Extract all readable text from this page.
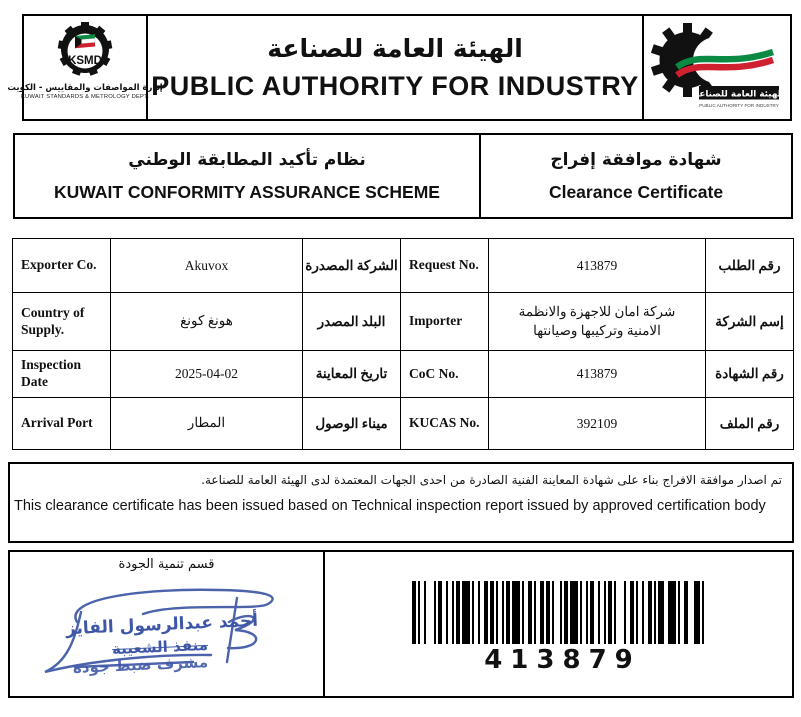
KSMD
إدارة المواصفات والمقاييس - الكويت
KUWAIT STANDARDS & METROLOGY DEPT.
الهيئة العامة للصناعة
PUBLIC AUTHORITY FOR INDUSTRY	الهيئة العامة للصناعة
PUBLIC AUTHORITY FOR INDUSTRY
نظام تأكيد المطابقة الوطني
KUWAIT CONFORMITY ASSURANCE SCHEME
شهادة موافقة إفراج
Clearance Certificate
Exporter Co.	Akuvox	الشركة المصدرة	Request No.	413879	رقم الطلب
Country of Supply.	هونغ كونغ	البلد المصدر	Importer	شركة امان للاجهزة والانظمة الامنية وتركيبها وصيانتها	إسم الشركة
Inspection Date	2025-04-02	تاريخ المعاينة	CoC No.	413879	رقم الشهادة
Arrival Port	المطار	ميناء الوصول	KUCAS No.	392109	رقم الملف
تم اصدار موافقة الافراج بناء على شهادة المعاينة الفنية الصادرة من احدى الجهات المعتمدة لدى الهيئة العامة للصناعة.
This clearance certificate has been issued based on Technical inspection report issued by approved certification body
قسم تنمية الجودة
أحمد عبدالرسول الفايز
منفذ الشعيبة
مشرف ضبط جودة	413879
